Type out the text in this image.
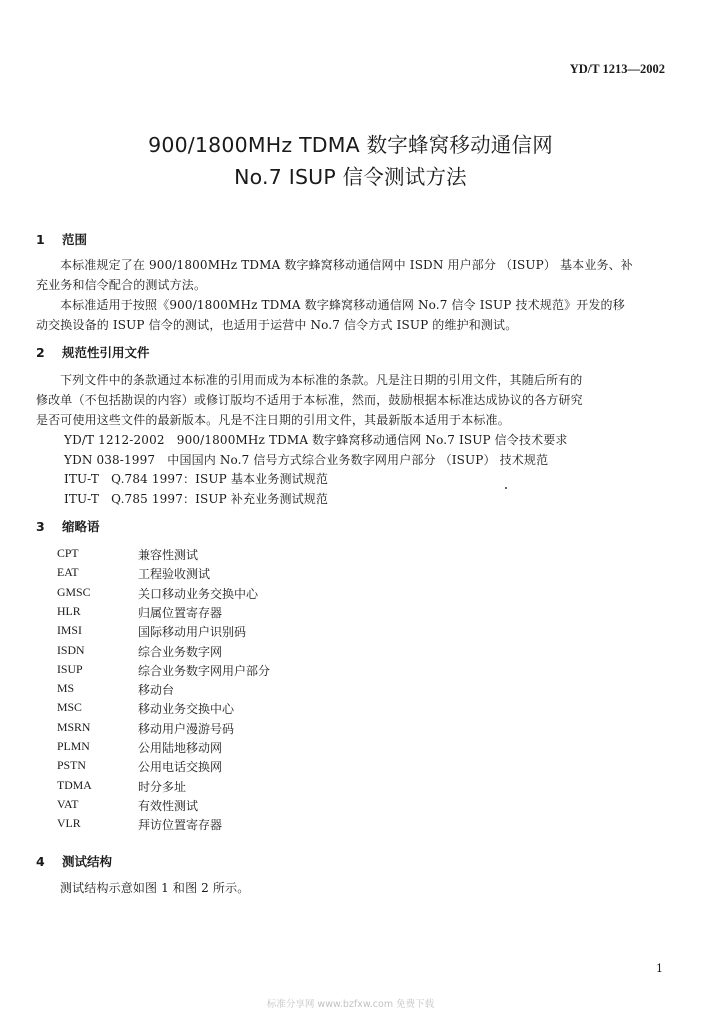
YD/T 1213—2002
900/1800MHz TDMA 数字蜂窝移动通信网
No.7 ISUP 信令测试方法
1 范围
本标准规定了在 900/1800MHz TDMA 数字蜂窝移动通信网中 ISDN 用户部分 （ISUP） 基本业务、补
充业务和信令配合的测试方法。
本标准适用于按照《900/1800MHz TDMA 数字蜂窝移动通信网 No.7 信令 ISUP 技术规范》开发的移
动交换设备的 ISUP 信令的测试，也适用于运营中 No.7 信令方式 ISUP 的维护和测试。
2 规范性引用文件
下列文件中的条款通过本标准的引用而成为本标准的条款。凡是注日期的引用文件，其随后所有的
修改单（不包括勘误的内容）或修订版均不适用于本标准，然而，鼓励根据本标准达成协议的各方研究
是否可使用这些文件的最新版本。凡是不注日期的引用文件，其最新版本适用于本标准。
YD/T 1212-2002　900/1800MHz TDMA 数字蜂窝移动通信网 No.7 ISUP 信令技术要求
YDN 038-1997　中国国内 No.7 信号方式综合业务数字网用户部分 （ISUP） 技术规范
ITU-T　Q.784 1997：ISUP 基本业务测试规范
ITU-T　Q.785 1997：ISUP 补充业务测试规范
3 缩略语
CPT	兼容性测试
EAT	工程验收测试
GMSC	关口移动业务交换中心
HLR	归属位置寄存器
IMSI	国际移动用户识别码
ISDN	综合业务数字网
ISUP	综合业务数字网用户部分
MS	移动台
MSC	移动业务交换中心
MSRN	移动用户漫游号码
PLMN	公用陆地移动网
PSTN	公用电话交换网
TDMA	时分多址
VAT	有效性测试
VLR	拜访位置寄存器
4 测试结构
测试结构示意如图 1 和图 2 所示。
1
标准分享网 www.bzfxw.com 免费下载
